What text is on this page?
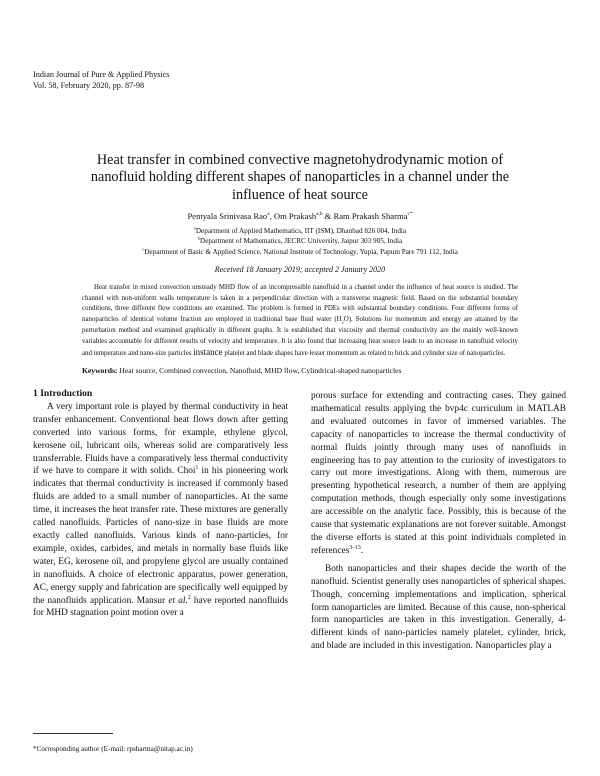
Indian Journal of Pure & Applied Physics
Vol. 58, February 2020, pp. 87-98
Heat transfer in combined convective magnetohydrodynamic motion of nanofluid holding different shapes of nanoparticles in a channel under the influence of heat source
Pentyala Srinivasa Rao$^a$, Om Prakash$^{a,b}$ & Ram Prakash Sharma$^{c*}$
$^a$Department of Applied Mathematics, IIT (ISM), Dhanbad 826 004, India
$^b$Department of Mathematics, JECRC University, Jaipur 303 905, India
$^c$Department of Basic & Applied Science, National Institute of Technology, Yupia, Papum Pare 791 112, India
Received 18 January 2019; accepted 2 January 2020

Heat transfer in mixed convection unsteady MHD flow of an incompressible nanofluid in a channel under the influence of heat source is studied. The channel with non-uniform walls temperature is taken in a perpendicular direction with a transverse magnetic field. Based on the substantial boundary conditions, three different flow conditions are examined. The problem is formed in PDEs with substantial boundary conditions. Four different forms of nanoparticles of identical volume fraction are employed in traditional base fluid water $(H_2O)$. Solutions for momentum and energy are attained by the perturbation method and examined graphically in different graphs. It is established that viscosity and thermal conductivity are the mainly well-known variables accountable for different results of velocity and temperature. It is also found that increasing heat source leads to an increase in nanofluid velocity and temperature and nano-size particles instance platelet and blade shapes have lesser momentum as related to brick and cylinder size of nanoparticles.

Keywords: Heat source, Combined convection, Nanofluid, MHD flow, Cylindrical-shaped nanoparticles

1 Introduction

A very important role is played by thermal conductivity in heat transfer enhancement. Conventional heat flows down after getting converted into various forms, for example, ethylene glycol, kerosene oil, lubricant oils, whereas solid are comparatively less transferrable. Fluids have a comparatively less thermal conductivity if we have to compare it with solids. Choi$^1$ in his pioneering work indicates that thermal conductivity is increased if commonly based fluids are added to a small number of nanoparticles. At the same time, it increases the heat transfer rate. These mixtures are generally called nanofluids. Particles of nano-size in base fluids are more exactly called nanofluids. Various kinds of nano-particles, for example, oxides, carbides, and metals in normally base fluids like water, EG, kerosene oil, and propylene glycol are usually contained in nanofluids. A choice of electronic apparatus, power generation, AC, energy supply and fabrication are specifically well equipped by the nanofluids application. Mansur et al.$^2$ have reported nanofluids for MHD stagnation point motion over a

porous surface for extending and contracting cases. They gained mathematical results applying the bvp4c curriculum in MATLAB and evaluated outcomes in favor of immersed variables. The capacity of nanoparticles to increase the thermal conductivity of normal fluids jointly through many uses of nanofluids in engineering has to pay attention to the curiosity of investigators to carry out more investigations. Along with them, numerous are presenting hypothetical research, a number of them are applying computation methods, though especially only some investigations are accessible on the analytic face. Possibly, this is because of the cause that systematic explanations are not forever suitable. Amongst the diverse efforts is stated at this point individuals completed in references$^{3-13}$.

Both nanoparticles and their shapes decide the worth of the nanofluid. Scientist generally uses nanoparticles of spherical shapes. Though, concerning implementations and implication, spherical form nanoparticles are limited. Because of this cause, non-spherical form nanoparticles are taken in this investigation. Generally, 4-different kinds of nano-particles namely platelet, cylinder, brick, and blade are included in this investigation. Nanoparticles play a

*Corresponding author (E-mail: rpsharma@nitap.ac.in)
